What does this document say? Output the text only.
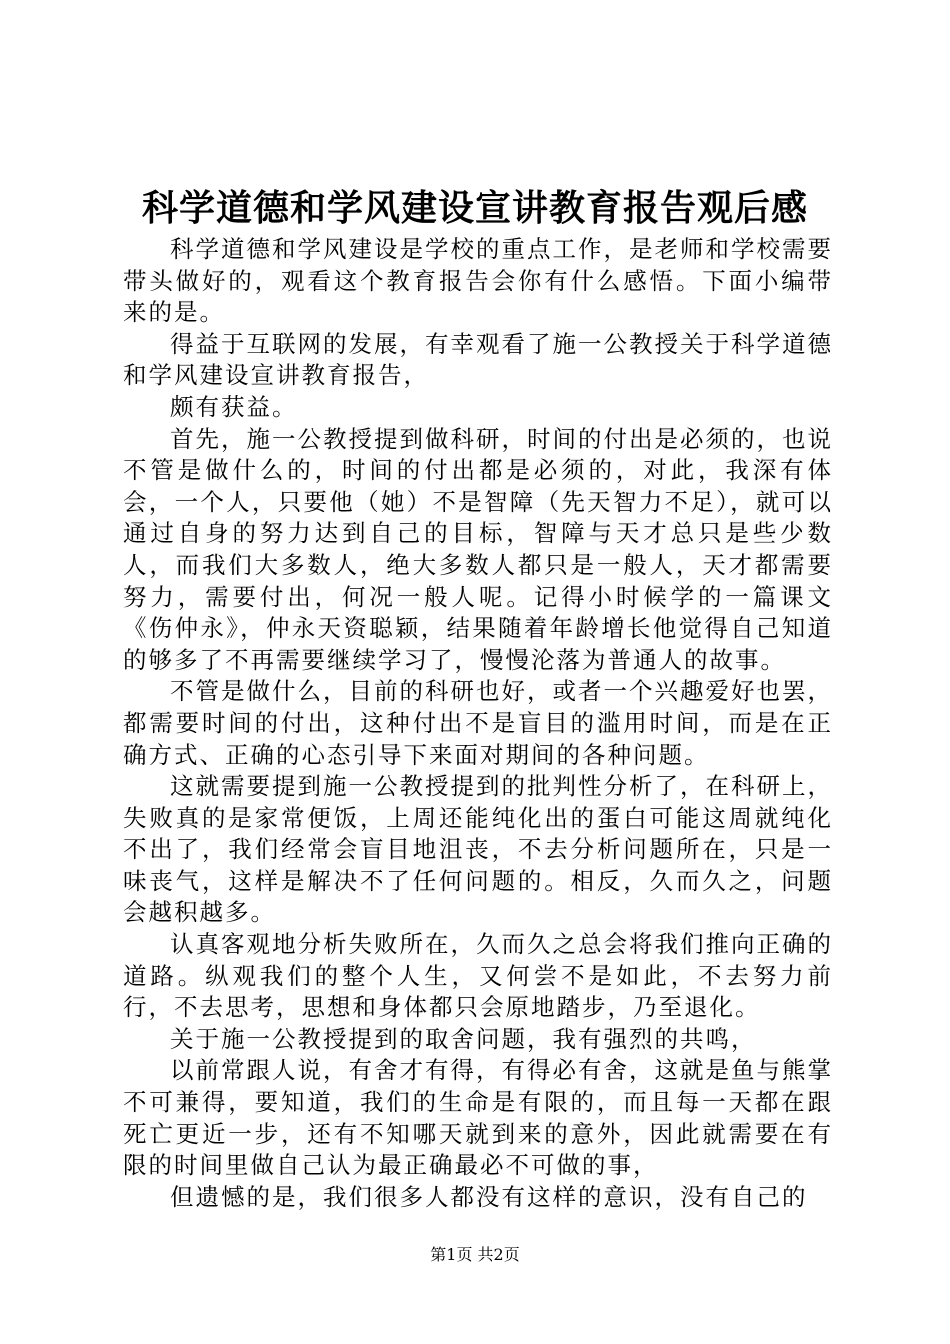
科学道德和学风建设宣讲教育报告观后感

科学道德和学风建设是学校的重点工作，是老师和学校需要带头做好的，观看这个教育报告会你有什么感悟。下面小编带来的是。

得益于互联网的发展，有幸观看了施一公教授关于科学道德和学风建设宣讲教育报告，

颇有获益。

首先，施一公教授提到做科研，时间的付出是必须的，也说不管是做什么的，时间的付出都是必须的，对此，我深有体会，一个人，只要他（她）不是智障（先天智力不足），就可以通过自身的努力达到自己的目标，智障与天才总只是些少数人，而我们大多数人，绝大多数人都只是一般人，天才都需要努力，需要付出，何况一般人呢。记得小时候学的一篇课文《伤仲永》，仲永天资聪颖，结果随着年龄增长他觉得自己知道的够多了不再需要继续学习了，慢慢沦落为普通人的故事。

不管是做什么，目前的科研也好，或者一个兴趣爱好也罢，都需要时间的付出，这种付出不是盲目的滥用时间，而是在正确方式、正确的心态引导下来面对期间的各种问题。

这就需要提到施一公教授提到的批判性分析了，在科研上，失败真的是家常便饭，上周还能纯化出的蛋白可能这周就纯化不出了，我们经常会盲目地沮丧，不去分析问题所在，只是一味丧气，这样是解决不了任何问题的。相反，久而久之，问题会越积越多。

认真客观地分析失败所在，久而久之总会将我们推向正确的道路。纵观我们的整个人生，又何尝不是如此，不去努力前行，不去思考，思想和身体都只会原地踏步，乃至退化。

关于施一公教授提到的取舍问题，我有强烈的共鸣，

以前常跟人说，有舍才有得，有得必有舍，这就是鱼与熊掌不可兼得，要知道，我们的生命是有限的，而且每一天都在跟死亡更近一步，还有不知哪天就到来的意外，因此就需要在有限的时间里做自己认为最正确最必不可做的事，

但遗憾的是，我们很多人都没有这样的意识，没有自己的

第1页 共2页
